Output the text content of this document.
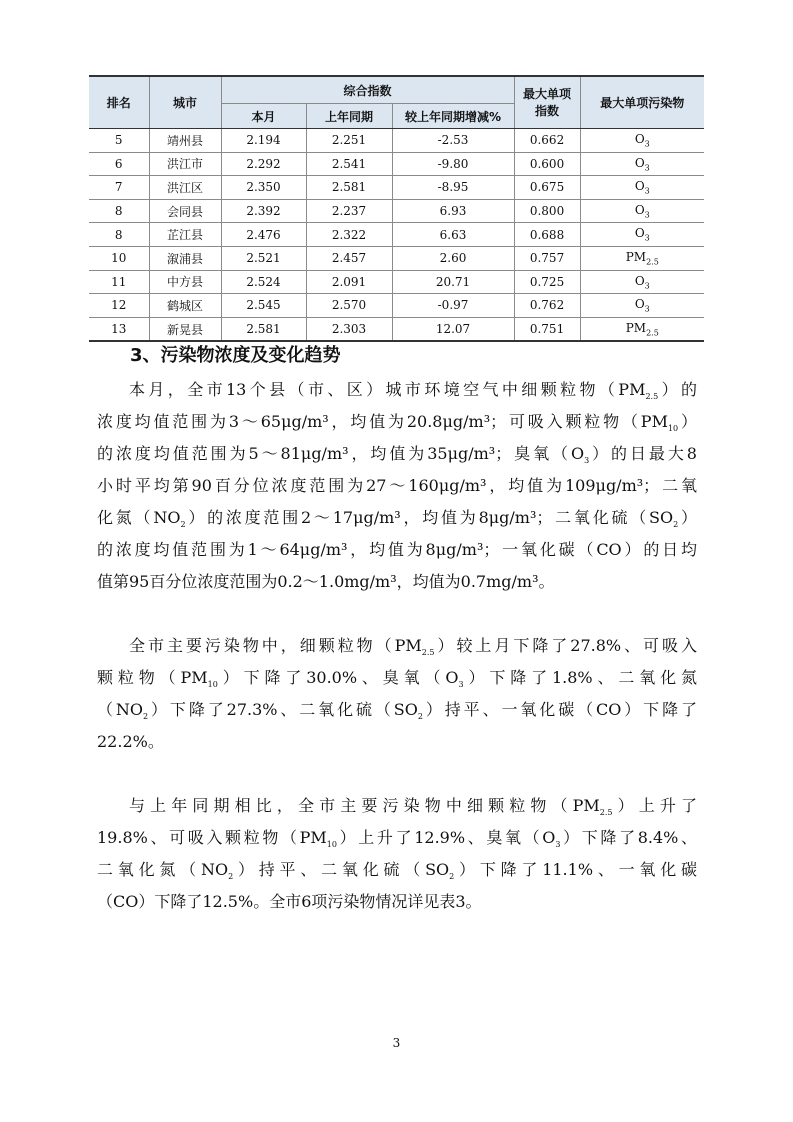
排名	城市	综合指数			最大单项指数	最大单项污染物
		本月	上年同期	较上年同期增减%		
5	靖州县	2.194	2.251	-2.53	0.662	$O_3$
6	洪江市	2.292	2.541	-9.80	0.600	$O_3$
7	洪江区	2.350	2.581	-8.95	0.675	$O_3$
8	会同县	2.392	2.237	6.93	0.800	$O_3$
8	芷江县	2.476	2.322	6.63	0.688	$O_3$
10	溆浦县	2.521	2.457	2.60	0.757	$PM_{2.5}$
11	中方县	2.524	2.091	20.71	0.725	$O_3$
12	鹤城区	2.545	2.570	-0.97	0.762	$O_3$
13	新晃县	2.581	2.303	12.07	0.751	$PM_{2.5}$
3、污染物浓度及变化趋势
本月，全市13个县（市、区）城市环境空气中细颗粒物$(PM_{2.5})$的
浓度均值范围为3～65μg/m³，均值为20.8μg/m³；可吸入颗粒物$(PM_{10})$
的浓度均值范围为5～81μg/m³，均值为35μg/m³；臭氧$(O_3)$的日最大8
小时平均第90百分位浓度范围为27～160μg/m³，均值为109μg/m³；二氧
化氮$(NO_2)$的浓度范围2～17μg/m³，均值为8μg/m³；二氧化硫$(SO_2)$
的浓度均值范围为1～64μg/m³，均值为8μg/m³；一氧化碳（CO）的日均
值第95百分位浓度范围为0.2～1.0mg/m³，均值为0.7mg/m³。
全市主要污染物中，细颗粒物$(PM_{2.5})$较上月下降了27.8%、可吸入
颗粒物$(PM_{10})$下降了30.0%、臭氧$(O_3)$下降了1.8%、二氧化氮
$(NO_2)$下降了27.3%、二氧化硫$(SO_2)$持平、一氧化碳（CO）下降了
22.2%。
与上年同期相比，全市主要污染物中细颗粒物$(PM_{2.5})$上升了
19.8%、可吸入颗粒物$(PM_{10})$上升了12.9%、臭氧$(O_3)$下降了8.4%、
二氧化氮$(NO_2)$持平、二氧化硫$(SO_2)$下降了11.1%、一氧化碳
（CO）下降了12.5%。全市6项污染物情况详见表3。
3
